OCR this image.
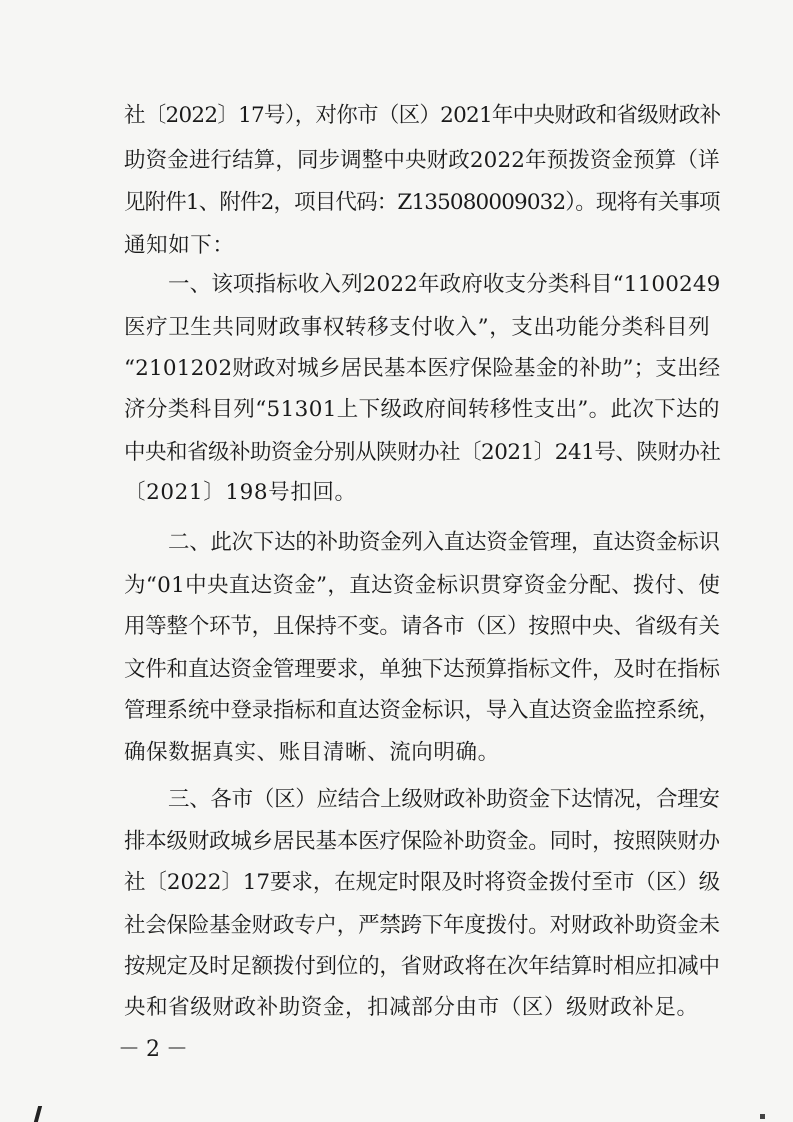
社〔2022〕17号），对你市（区）2021年中央财政和省级财政补
助资金进行结算，同步调整中央财政2022年预拨资金预算（详
见附件1、附件2，项目代码：Z135080009032）。现将有关事项
通知如下：
一、该项指标收入列2022年政府收支分类科目“1100249
医疗卫生共同财政事权转移支付收入”，支出功能分类科目列
“2101202财政对城乡居民基本医疗保险基金的补助”；支出经
济分类科目列“51301上下级政府间转移性支出”。此次下达的
中央和省级补助资金分别从陕财办社〔2021〕241号、陕财办社
〔2021〕198号扣回。
二、此次下达的补助资金列入直达资金管理，直达资金标识
为“01中央直达资金”，直达资金标识贯穿资金分配、拨付、使
用等整个环节，且保持不变。请各市（区）按照中央、省级有关
文件和直达资金管理要求，单独下达预算指标文件，及时在指标
管理系统中登录指标和直达资金标识，导入直达资金监控系统，
确保数据真实、账目清晰、流向明确。
三、各市（区）应结合上级财政补助资金下达情况，合理安
排本级财政城乡居民基本医疗保险补助资金。同时，按照陕财办
社〔2022〕17要求，在规定时限及时将资金拨付至市（区）级
社会保险基金财政专户，严禁跨下年度拨付。对财政补助资金未
按规定及时足额拨付到位的，省财政将在次年结算时相应扣减中
央和省级财政补助资金，扣减部分由市（区）级财政补足。
－2－
